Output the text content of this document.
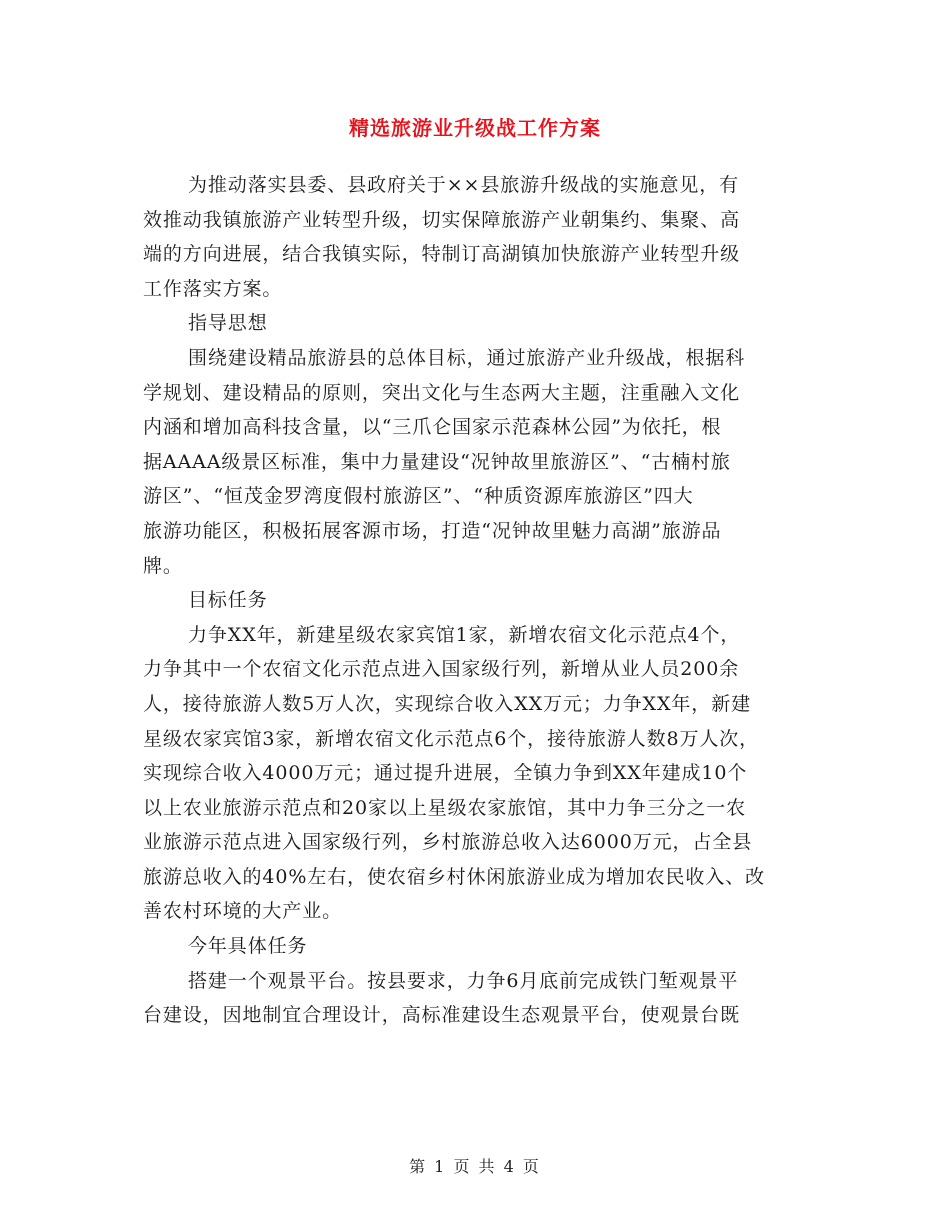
精选旅游业升级战工作方案
为推动落实县委、县政府关于××县旅游升级战的实施意见，有
效推动我镇旅游产业转型升级，切实保障旅游产业朝集约、集聚、高
端的方向进展，结合我镇实际，特制订高湖镇加快旅游产业转型升级
工作落实方案。
指导思想
围绕建设精品旅游县的总体目标，通过旅游产业升级战，根据科
学规划、建设精品的原则，突出文化与生态两大主题，注重融入文化
内涵和增加高科技含量，以“三爪仑国家示范森林公园”为依托，根
据AAAA级景区标准，集中力量建设“况钟故里旅游区”、“古楠村旅
游区”、“恒茂金罗湾度假村旅游区”、“种质资源库旅游区”四大
旅游功能区，积极拓展客源市场，打造“况钟故里魅力高湖”旅游品
牌。
目标任务
力争XX年，新建星级农家宾馆1家，新增农宿文化示范点4个，
力争其中一个农宿文化示范点进入国家级行列，新增从业人员200余
人，接待旅游人数5万人次，实现综合收入XX万元；力争XX年，新建
星级农家宾馆3家，新增农宿文化示范点6个，接待旅游人数8万人次，
实现综合收入4000万元；通过提升进展，全镇力争到XX年建成10个
以上农业旅游示范点和20家以上星级农家旅馆，其中力争三分之一农
业旅游示范点进入国家级行列，乡村旅游总收入达6000万元，占全县
旅游总收入的40%左右，使农宿乡村休闲旅游业成为增加农民收入、改
善农村环境的大产业。
今年具体任务
搭建一个观景平台。按县要求，力争6月底前完成铁门堑观景平
台建设，因地制宜合理设计，高标准建设生态观景平台，使观景台既
第 1 页 共 4 页
